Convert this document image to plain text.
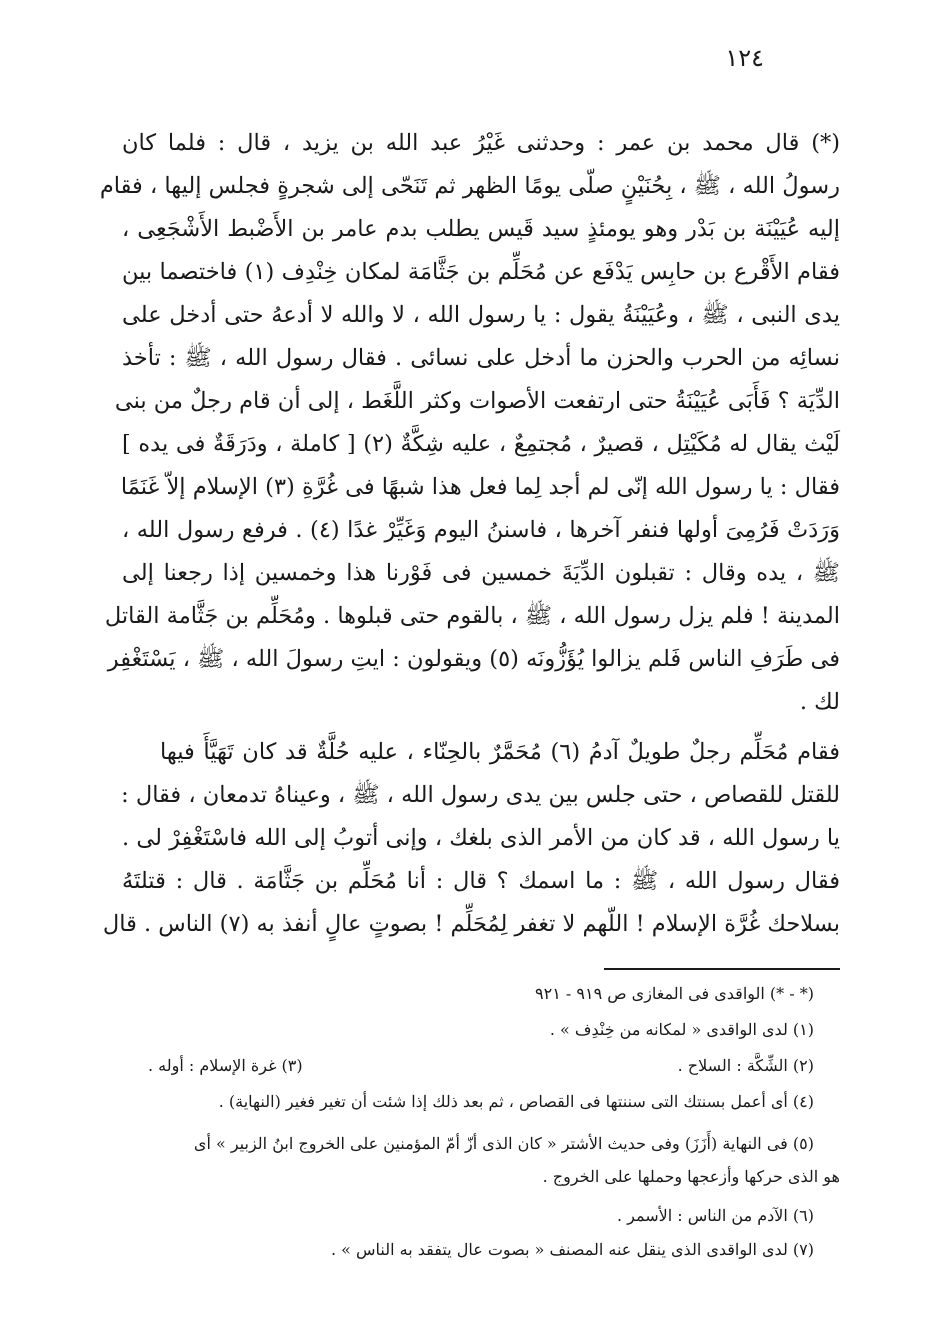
١٢٤
(*) قال محمد بن عمر : وحدثنى غَيْرُ عبد الله بن يزيد ، قال : فلما كان
رسولُ الله ، ﷺ ، بِحُنَيْنٍ صلّى يومًا الظهر ثم تَنَحّى إلى شجرةٍ فجلس إليها ، فقام
إليه عُيَيْنَة بن بَدْر وهو يومئذٍ سيد قَيس يطلب بدم عامر بن الأَضْبط الأَشْجَعِى ،
فقام الأَقْرع بن حابِس يَدْفَع عن مُحَلِّم بن جَثَّامَة لمكان خِنْدِف (١) فاختصما بين
يدى النبى ، ﷺ ، وعُيَيْنَةُ يقول : يا رسول الله ، لا والله لا أدعهُ حتى أدخل على
نسائِه من الحرب والحزن ما أدخل على نسائى . فقال رسول الله ، ﷺ : تأخذ
الدِّيَة ؟ فَأَبَى عُيَيْنَةُ حتى ارتفعت الأصوات وكثر اللَّغَط ، إلى أن قام رجلٌ من بنى
لَيْث يقال له مُكَيْتِل ، قصيرٌ ، مُجتمِعٌ ، عليه شِكَّةٌ (٢) [ كاملة ، ودَرَقَةٌ فى يده ]
فقال : يا رسول الله إنّى لم أجد لِما فعل هذا شبهًا فى غُرَّةِ (٣) الإسلام إلاّ غَنَمًا
وَرَدَتْ فَرُمِىَ أولها فنفر آخرها ، فاسننُ اليوم وَغَيِّرْ غدًا (٤) . فرفع رسول الله ،
ﷺ ، يده وقال : تقبلون الدِّيَةَ خمسين فى فَوْرنا هذا وخمسين إذا رجعنا إلى
المدينة ! فلم يزل رسول الله ، ﷺ ، بالقوم حتى قبلوها . ومُحَلِّم بن جَثَّامة القاتل
فى طَرَفِ الناس فَلم يزالوا يُؤَزُّونَه (٥) ويقولون : ايتِ رسولَ الله ، ﷺ ، يَسْتَغْفِر
لك .
فقام مُحَلِّم رجلٌ طويلٌ آدمُ (٦) مُحَمَّرٌ بالحِنّاء ، عليه حُلَّةٌ قد كان تَهَيَّأَ فيها
للقتل للقصاص ، حتى جلس بين يدى رسول الله ، ﷺ ، وعيناهُ تدمعان ، فقال :
يا رسول الله ، قد كان من الأمر الذى بلغك ، وإنى أتوبُ إلى الله فاسْتَغْفِرْ لى .
فقال رسول الله ، ﷺ : ما اسمك ؟ قال : أنا مُحَلِّم بن جَثَّامَة . قال : قتلتَهُ
بسلاحك غُرَّة الإسلام ! اللّهم لا تغفر لِمُحَلِّم ! بصوتٍ عالٍ أنفذ به (٧) الناس . قال
(* - *) الواقدى فى المغازى ص ٩١٩ - ٩٢١
(١) لدى الواقدى « لمكانه من خِنْدِف » .
(٢) الشِّكَّة : السلاح .
(٣) غرة الإسلام : أوله .
(٤) أى أعمل بسنتك التى سننتها فى القصاص ، ثم بعد ذلك إذا شئت أن تغير فغير (النهاية) .
(٥) فى النهاية (أَزَزَ) وفى حديث الأشتر « كان الذى أزّ أمّ المؤمنين على الخروج ابنُ الزبير » أى
هو الذى حركها وأزعجها وحملها على الخروج .
(٦) الآدم من الناس : الأسمر .
(٧) لدى الواقدى الذى ينقل عنه المصنف « بصوت عال يتفقد به الناس » .
